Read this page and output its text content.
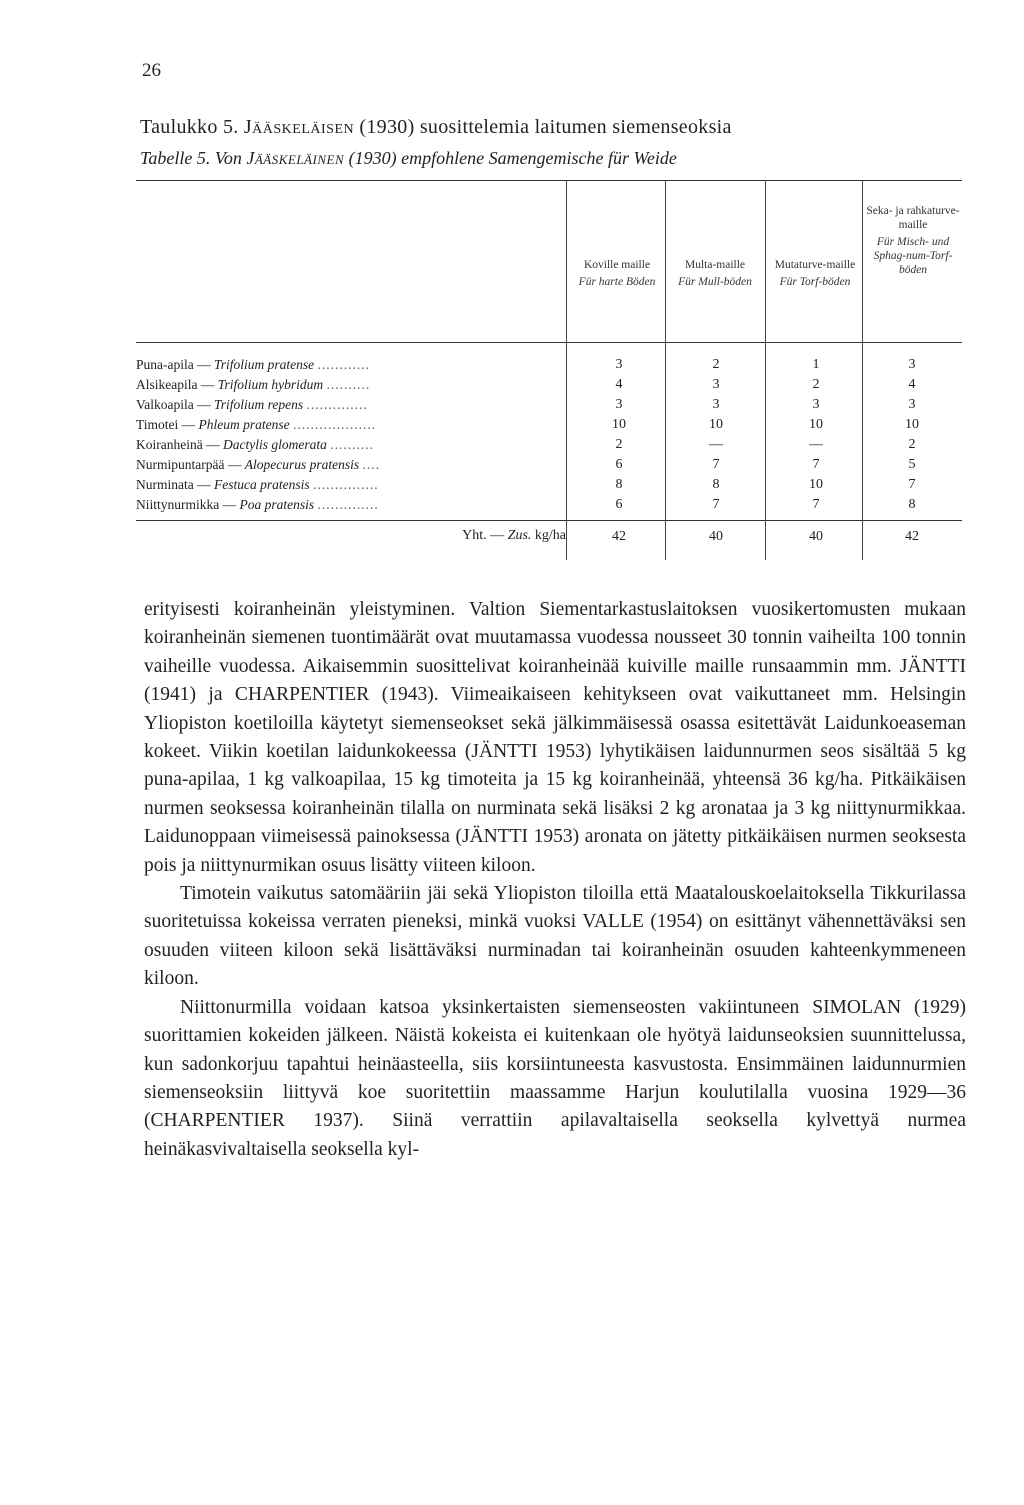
26
Taulukko 5. Jääskeläisen (1930) suosittelemia laitumen siemenseoksia
Tabelle 5. Von Jääskeläinen (1930) empfohlene Samengemische für Weide
Koville maille
Für harte Böden
Multa-maille
Für Mull-böden
Mutaturve-maille
Für Torf-böden
Seka- ja rahkaturve-maille
Für Misch- und Sphag-num-Torf-böden
Puna-apila — Trifolium pratense ............	3	2	1	3
Alsikeapila — Trifolium hybridum ..........	4	3	2	4
Valkoapila — Trifolium repens ..............	3	3	3	3
Timotei — Phleum pratense ...................	10	10	10	10
Koiranheinä — Dactylis glomerata ..........	2	—	—	2
Nurmipuntarpää — Alopecurus pratensis ....	6	7	7	5
Nurminata — Festuca pratensis ...............	8	8	10	7
Niittynurmikka — Poa pratensis ..............	6	7	7	8
Yht. — Zus. kg/ha	42	40	40	42

erityisesti koiranheinän yleistyminen. Valtion Siementarkastuslaitoksen vuosikertomusten mukaan koiranheinän siemenen tuontimäärät ovat muutamassa vuodessa nousseet 30 tonnin vaiheilta 100 tonnin vaiheille vuodessa. Aikaisemmin suosittelivat koiranheinää kuiville maille runsaammin mm. JÄNTTI (1941) ja CHARPENTIER (1943). Viimeaikaiseen kehitykseen ovat vaikuttaneet mm. Helsingin Yliopiston koetiloilla käytetyt siemenseokset sekä jälkimmäisessä osassa esitettävät Laidunkoeaseman kokeet. Viikin koetilan laidunkokeessa (JÄNTTI 1953) lyhytikäisen laidunnurmen seos sisältää 5 kg puna-apilaa, 1 kg valkoapilaa, 15 kg timoteita ja 15 kg koiranheinää, yhteensä 36 kg/ha. Pitkäikäisen nurmen seoksessa koiranheinän tilalla on nurminata sekä lisäksi 2 kg aronataa ja 3 kg niittynurmikkaa. Laidunoppaan viimeisessä painoksessa (JÄNTTI 1953) aronata on jätetty pitkäikäisen nurmen seoksesta pois ja niittynurmikan osuus lisätty viiteen kiloon.

Timotein vaikutus satomääriin jäi sekä Yliopiston tiloilla että Maatalouskoelaitoksella Tikkurilassa suoritetuissa kokeissa verraten pieneksi, minkä vuoksi VALLE (1954) on esittänyt vähennettäväksi sen osuuden viiteen kiloon sekä lisättäväksi nurminadan tai koiranheinän osuuden kahteenkymmeneen kiloon.

Niittonurmilla voidaan katsoa yksinkertaisten siemenseosten vakiintuneen SIMOLAN (1929) suorittamien kokeiden jälkeen. Näistä kokeista ei kuitenkaan ole hyötyä laidunseoksien suunnittelussa, kun sadonkorjuu tapahtui heinäasteella, siis korsiintuneesta kasvustosta. Ensimmäinen laidunnurmien siemenseoksiin liittyvä koe suoritettiin maassamme Harjun koulutilalla vuosina 1929—36 (CHARPENTIER 1937). Siinä verrattiin apilavaltaisella seoksella kylvettyä nurmea heinäkasvivaltaisella seoksella kyl-
